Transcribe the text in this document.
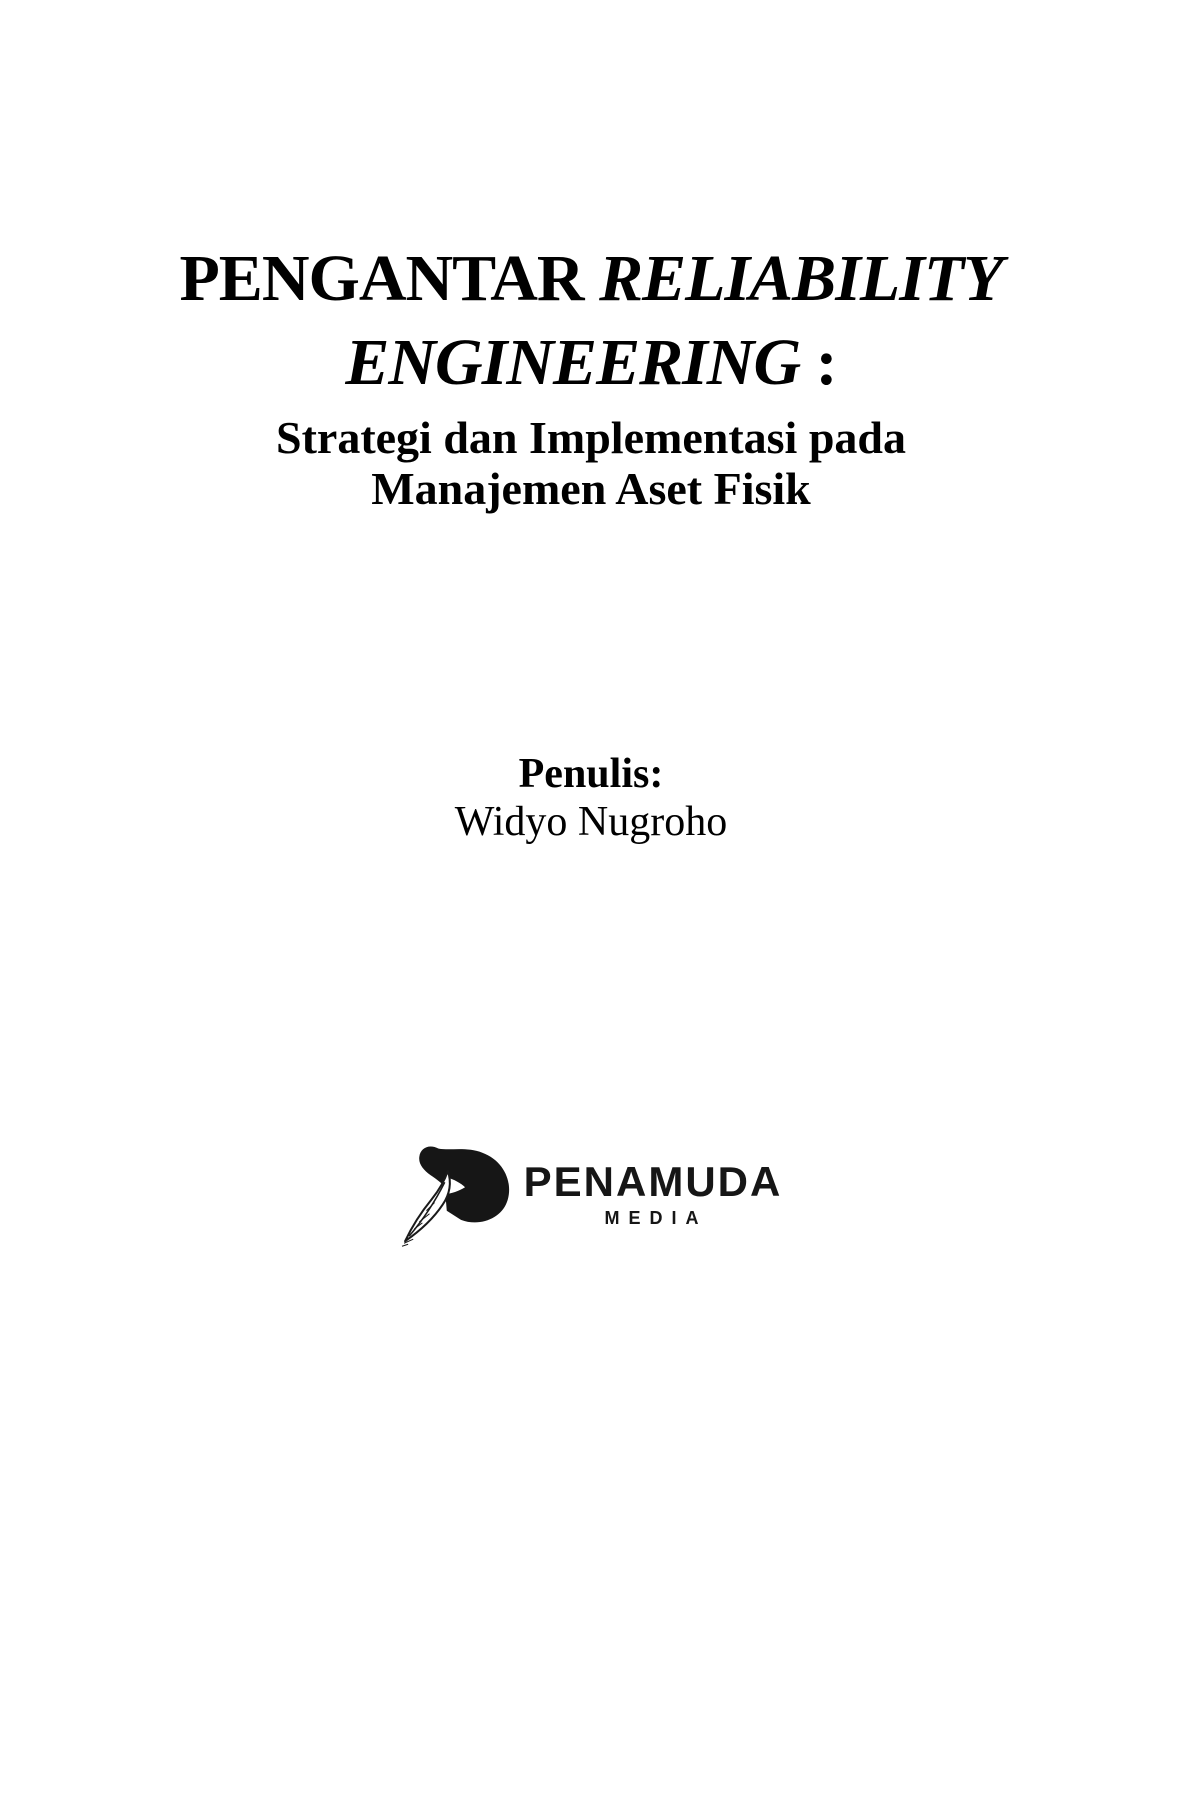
PENGANTAR RELIABILITY
ENGINEERING :
Strategi dan Implementasi pada
Manajemen Aset Fisik
Penulis:
Widyo Nugroho
PENAMUDA
MEDIA
